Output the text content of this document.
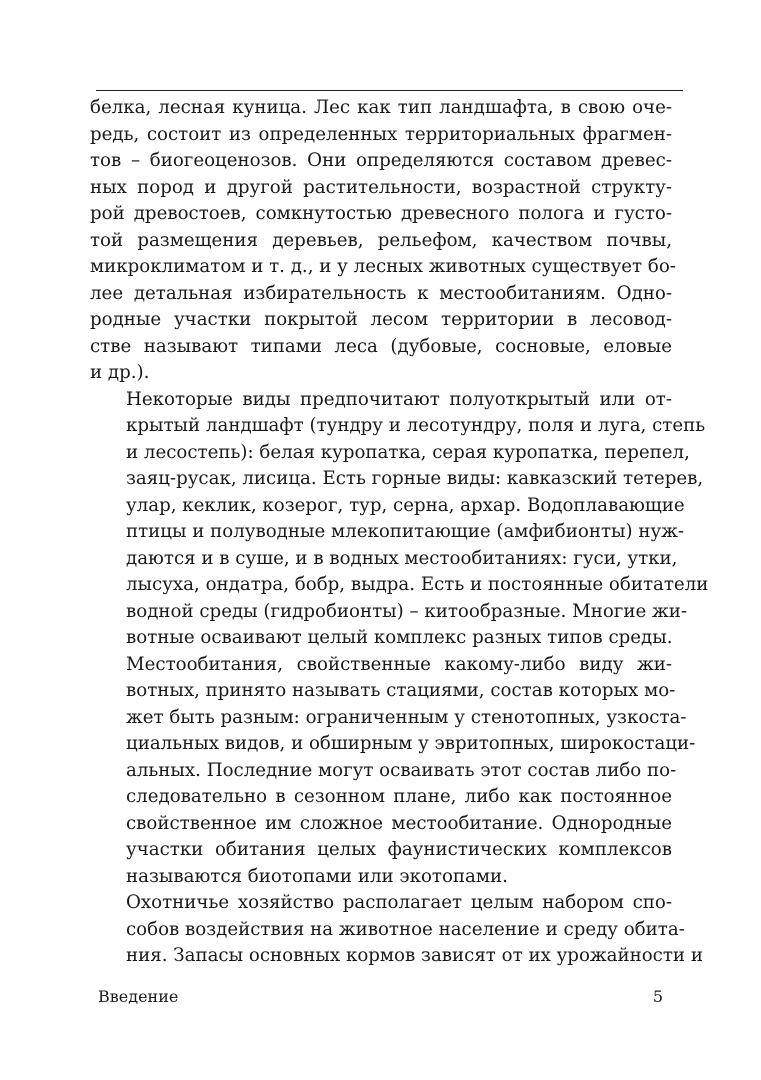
белка, лесная куница. Лес как тип ландшафта, в свою оче-
редь, состоит из определенных территориальных фрагмен-
тов – биогеоценозов. Они определяются составом древес-
ных пород и другой растительности, возрастной структу-
рой древостоев, сомкнутостью древесного полога и густо-
той размещения деревьев, рельефом, качеством почвы,
микроклиматом и т. д., и у лесных животных существует бо-
лее детальная избирательность к местообитаниям. Одно-
родные участки покрытой лесом территории в лесовод-
стве называют типами леса (дубовые, сосновые, еловые
и др.).

Некоторые виды предпочитают полуоткрытый или от-
крытый ландшафт (тундру и лесотундру, поля и луга, степь
и лесостепь): белая куропатка, серая куропатка, перепел,
заяц-русак, лисица. Есть горные виды: кавказский тетерев,
улар, кеклик, козерог, тур, серна, архар. Водоплавающие
птицы и полуводные млекопитающие (амфибионты) нуж-
даются и в суше, и в водных местообитаниях: гуси, утки,
лысуха, ондатра, бобр, выдра. Есть и постоянные обитатели
водной среды (гидробионты) – китообразные. Многие жи-
вотные осваивают целый комплекс разных типов среды.

Местообитания, свойственные какому-либо виду жи-
вотных, принято называть стациями, состав которых мо-
жет быть разным: ограниченным у стенотопных, узкоста-
циальных видов, и обширным у эвритопных, широкостаци-
альных. Последние могут осваивать этот состав либо по-
следовательно в сезонном плане, либо как постоянное
свойственное им сложное местообитание. Однородные
участки обитания целых фаунистических комплексов
называются биотопами или экотопами.

Охотничье хозяйство располагает целым набором спо-
собов воздействия на животное население и среду обита-
ния. Запасы основных кормов зависят от их урожайности и

Введение	5
